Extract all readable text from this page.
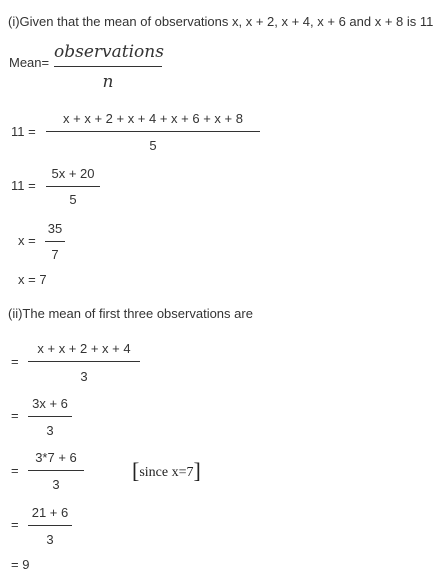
(i)Given that the mean of observations x, x + 2, x + 4, x + 6 and x + 8 is 11
Mean=
observations
n
11 =
x + x + 2 + x + 4 + x + 6 + x + 8
5
11 =
5x + 20
5
x =
35
7
x = 7
(ii)The mean of first three observations are
=
x + x + 2 + x + 4
3
=
3x + 6
3
=
3*7 + 6
3
[since x=7]
=
21 + 6
3
= 9
